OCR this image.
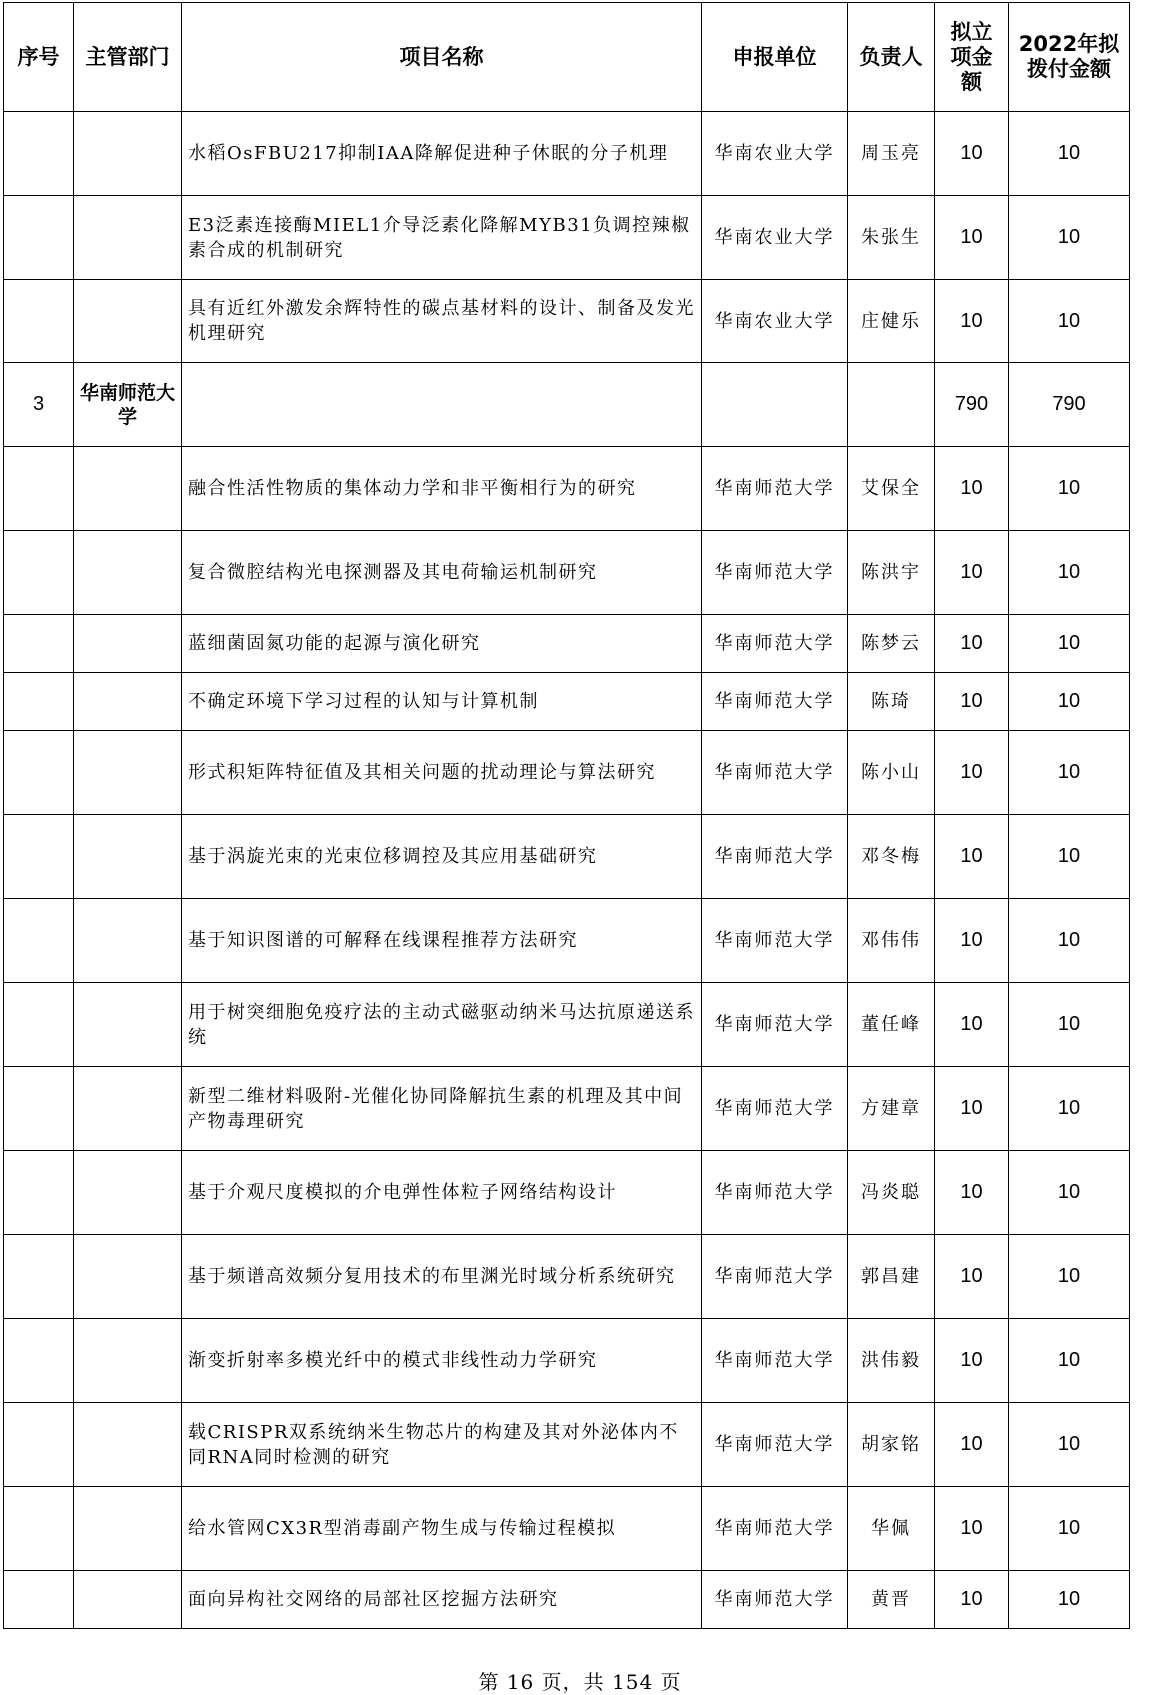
序号	主管部门	项目名称	申报单位	负责人	拟立项金额	2022年拟拨付金额
		水稻OsFBU217抑制IAA降解促进种子休眠的分子机理	华南农业大学	周玉亮	10	10
		E3泛素连接酶MIEL1介导泛素化降解MYB31负调控辣椒素合成的机制研究	华南农业大学	朱张生	10	10
		具有近红外激发余辉特性的碳点基材料的设计、制备及发光机理研究	华南农业大学	庄健乐	10	10
3	华南师范大学				790	790
		融合性活性物质的集体动力学和非平衡相行为的研究	华南师范大学	艾保全	10	10
		复合微腔结构光电探测器及其电荷输运机制研究	华南师范大学	陈洪宇	10	10
		蓝细菌固氮功能的起源与演化研究	华南师范大学	陈梦云	10	10
		不确定环境下学习过程的认知与计算机制	华南师范大学	陈琦	10	10
		形式积矩阵特征值及其相关问题的扰动理论与算法研究	华南师范大学	陈小山	10	10
		基于涡旋光束的光束位移调控及其应用基础研究	华南师范大学	邓冬梅	10	10
		基于知识图谱的可解释在线课程推荐方法研究	华南师范大学	邓伟伟	10	10
		用于树突细胞免疫疗法的主动式磁驱动纳米马达抗原递送系统	华南师范大学	董任峰	10	10
		新型二维材料吸附-光催化协同降解抗生素的机理及其中间产物毒理研究	华南师范大学	方建章	10	10
		基于介观尺度模拟的介电弹性体粒子网络结构设计	华南师范大学	冯炎聪	10	10
		基于频谱高效频分复用技术的布里渊光时域分析系统研究	华南师范大学	郭昌建	10	10
		渐变折射率多模光纤中的模式非线性动力学研究	华南师范大学	洪伟毅	10	10
		载CRISPR双系统纳米生物芯片的构建及其对外泌体内不同RNA同时检测的研究	华南师范大学	胡家铭	10	10
		给水管网CX3R型消毒副产物生成与传输过程模拟	华南师范大学	华佩	10	10
		面向异构社交网络的局部社区挖掘方法研究	华南师范大学	黄晋	10	10
第 16 页，共 154 页
